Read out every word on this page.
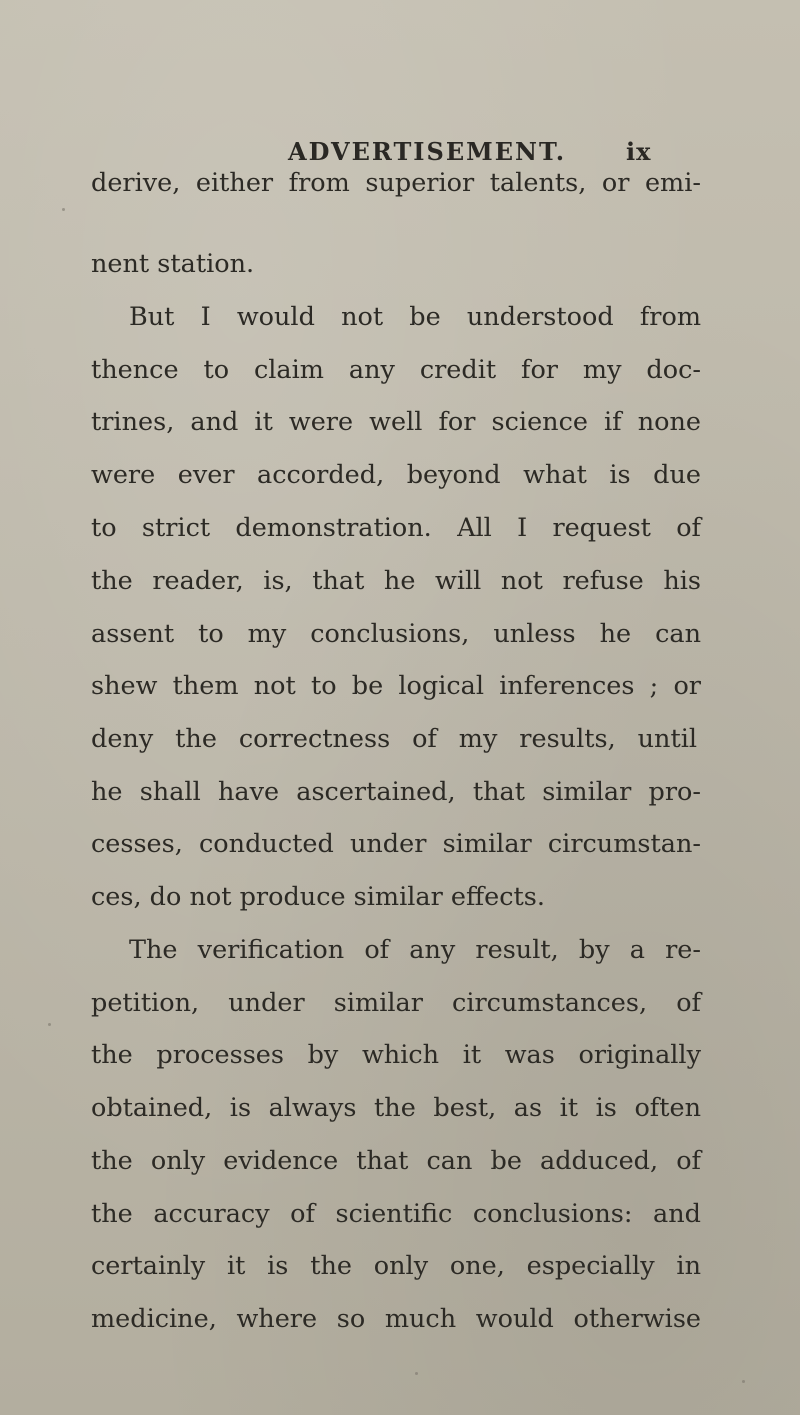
ADVERTISEMENT. ix
derive, either from superior talents, or emi-
nent station.
But I would not be understood from
thence to claim any credit for my doc-
trines, and it were well for science if none
were ever accorded, beyond what is due
to strict demonstration. All I request of
the reader, is, that he will not refuse his
assent to my conclusions, unless he can
shew them not to be logical inferences ; or
deny the correctness of my results, until
he shall have ascertained, that similar pro-
cesses, conducted under similar circumstan-
ces, do not produce similar effects.
The verification of any result, by a re-
petition, under similar circumstances, of
the processes by which it was originally
obtained, is always the best, as it is often
the only evidence that can be adduced, of
the accuracy of scientific conclusions: and
certainly it is the only one, especially in
medicine, where so much would otherwise
